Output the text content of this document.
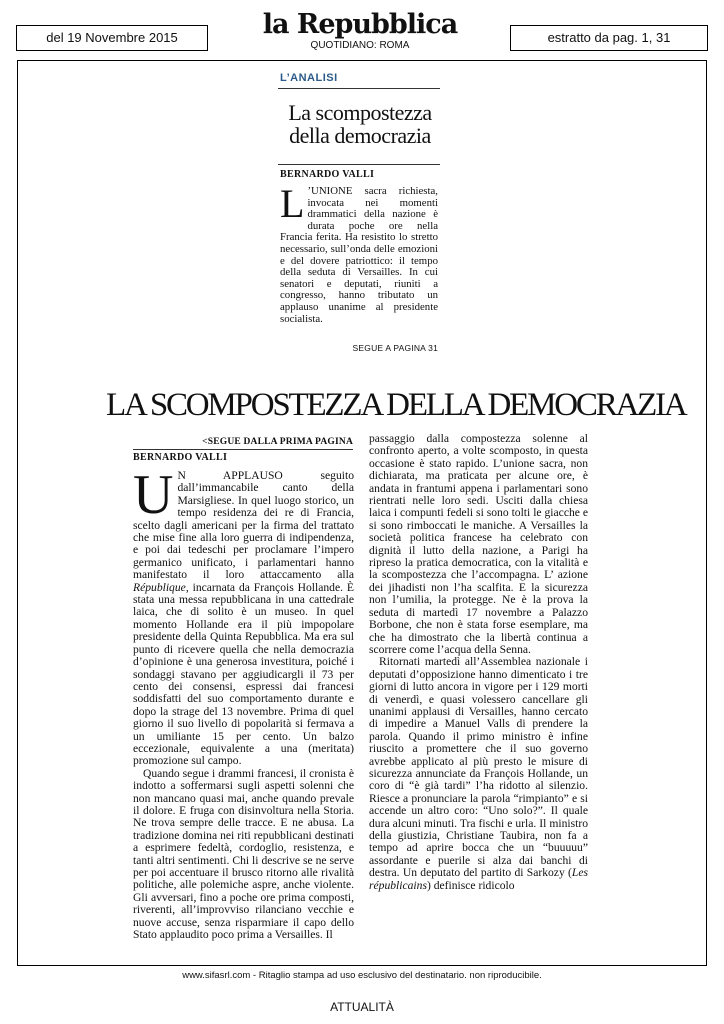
del 19 Novembre 2015	la Repubblica
QUOTIDIANO: ROMA
estratto da pag. 1, 31
L’ANALISI
La scompostezza
della democrazia
BERNARDO VALLI
L ’UNIONE sacra richiesta, invocata nei momenti drammatici della nazione è durata poche ore nella Francia ferita. Ha resistito lo stretto necessario, sull’onda delle emozioni e del dovere patriottico: il tempo della seduta di Versailles. In cui senatori e deputati, riuniti a congresso, hanno tributato un applauso unanime al presidente socialista.
SEGUE A PAGINA 31
LA SCOMPOSTEZZA DELLA DEMOCRAZIA
<SEGUE DALLA PRIMA PAGINA
BERNARDO VALLI

U N APPLAUSO seguito dall’immancabile canto della Marsigliese. In quel luogo storico, un tempo residenza dei re di Francia, scelto dagli americani per la firma del trattato che mise fine alla loro guerra di indipendenza, e poi dai tedeschi per proclamare l’impero germanico unificato, i parlamentari hanno manifestato il loro attaccamento alla République, incarnata da François Hollande. È stata una messa repubblicana in una cattedrale laica, che di solito è un museo. In quel momento Hollande era il più impopolare presidente della Quinta Repubblica. Ma era sul punto di ricevere quella che nella democrazia d’opinione è una generosa investitura, poiché i sondaggi stavano per aggiudicargli il 73 per cento dei consensi, espressi dai francesi soddisfatti del suo comportamento durante e dopo la strage del 13 novembre. Prima di quel giorno il suo livello di popolarità si fermava a un umiliante 15 per cento. Un balzo eccezionale, equivalente a una (meritata) promozione sul campo.

Quando segue i drammi francesi, il cronista è indotto a soffermarsi sugli aspetti solenni che non mancano quasi mai, anche quando prevale il dolore. E fruga con disinvoltura nella Storia. Ne trova sempre delle tracce. E ne abusa. La tradizione domina nei riti repubblicani destinati a esprimere fedeltà, cordoglio, resistenza, e tanti altri sentimenti. Chi li descrive se ne serve per poi accentuare il brusco ritorno alle rivalità politiche, alle polemiche aspre, anche violente. Gli avversari, fino a poche ore prima composti, riverenti, all’improvviso rilanciano vecchie e nuove accuse, senza risparmiare il capo dello Stato applaudito poco prima a Versailles. Il

passaggio dalla compostezza solenne al confronto aperto, a volte scomposto, in questa occasione è stato rapido. L’unione sacra, non dichiarata, ma praticata per alcune ore, è andata in frantumi appena i parlamentari sono rientrati nelle loro sedi. Usciti dalla chiesa laica i compunti fedeli si sono tolti le giacche e si sono rimboccati le maniche. A Versailles la società politica francese ha celebrato con dignità il lutto della nazione, a Parigi ha ripreso la pratica democratica, con la vitalità e la scompostezza che l’accompagna. L’ azione dei jihadisti non l’ha scalfita. E la sicurezza non l’umilia, la protegge. Ne è la prova la seduta di martedì 17 novembre a Palazzo Borbone, che non è stata forse esemplare, ma che ha dimostrato che la libertà continua a scorrere come l’acqua della Senna.

Ritornati martedì all’Assemblea nazionale i deputati d’opposizione hanno dimenticato i tre giorni di lutto ancora in vigore per i 129 morti di venerdì, e quasi volessero cancellare gli unanimi applausi di Versailles, hanno cercato di impedire a Manuel Valls di prendere la parola. Quando il primo ministro è infine riuscito a promettere che il suo governo avrebbe applicato al più presto le misure di sicurezza annunciate da François Hollande, un coro di “è già tardi” l’ha ridotto al silenzio. Riesce a pronunciare la parola “rimpianto” e si accende un altro coro: “Uno solo?”. Il quale dura alcuni minuti. Tra fischi e urla. Il ministro della giustizia, Christiane Taubira, non fa a tempo ad aprire bocca che un “buuuuu” assordante e puerile si alza dai banchi di destra. Un deputato del partito di Sarkozy (Les républicains) definisce ridicolo

www.sifasrl.com - Ritaglio stampa ad uso esclusivo del destinatario. non riproducibile.
ATTUALITÀ
